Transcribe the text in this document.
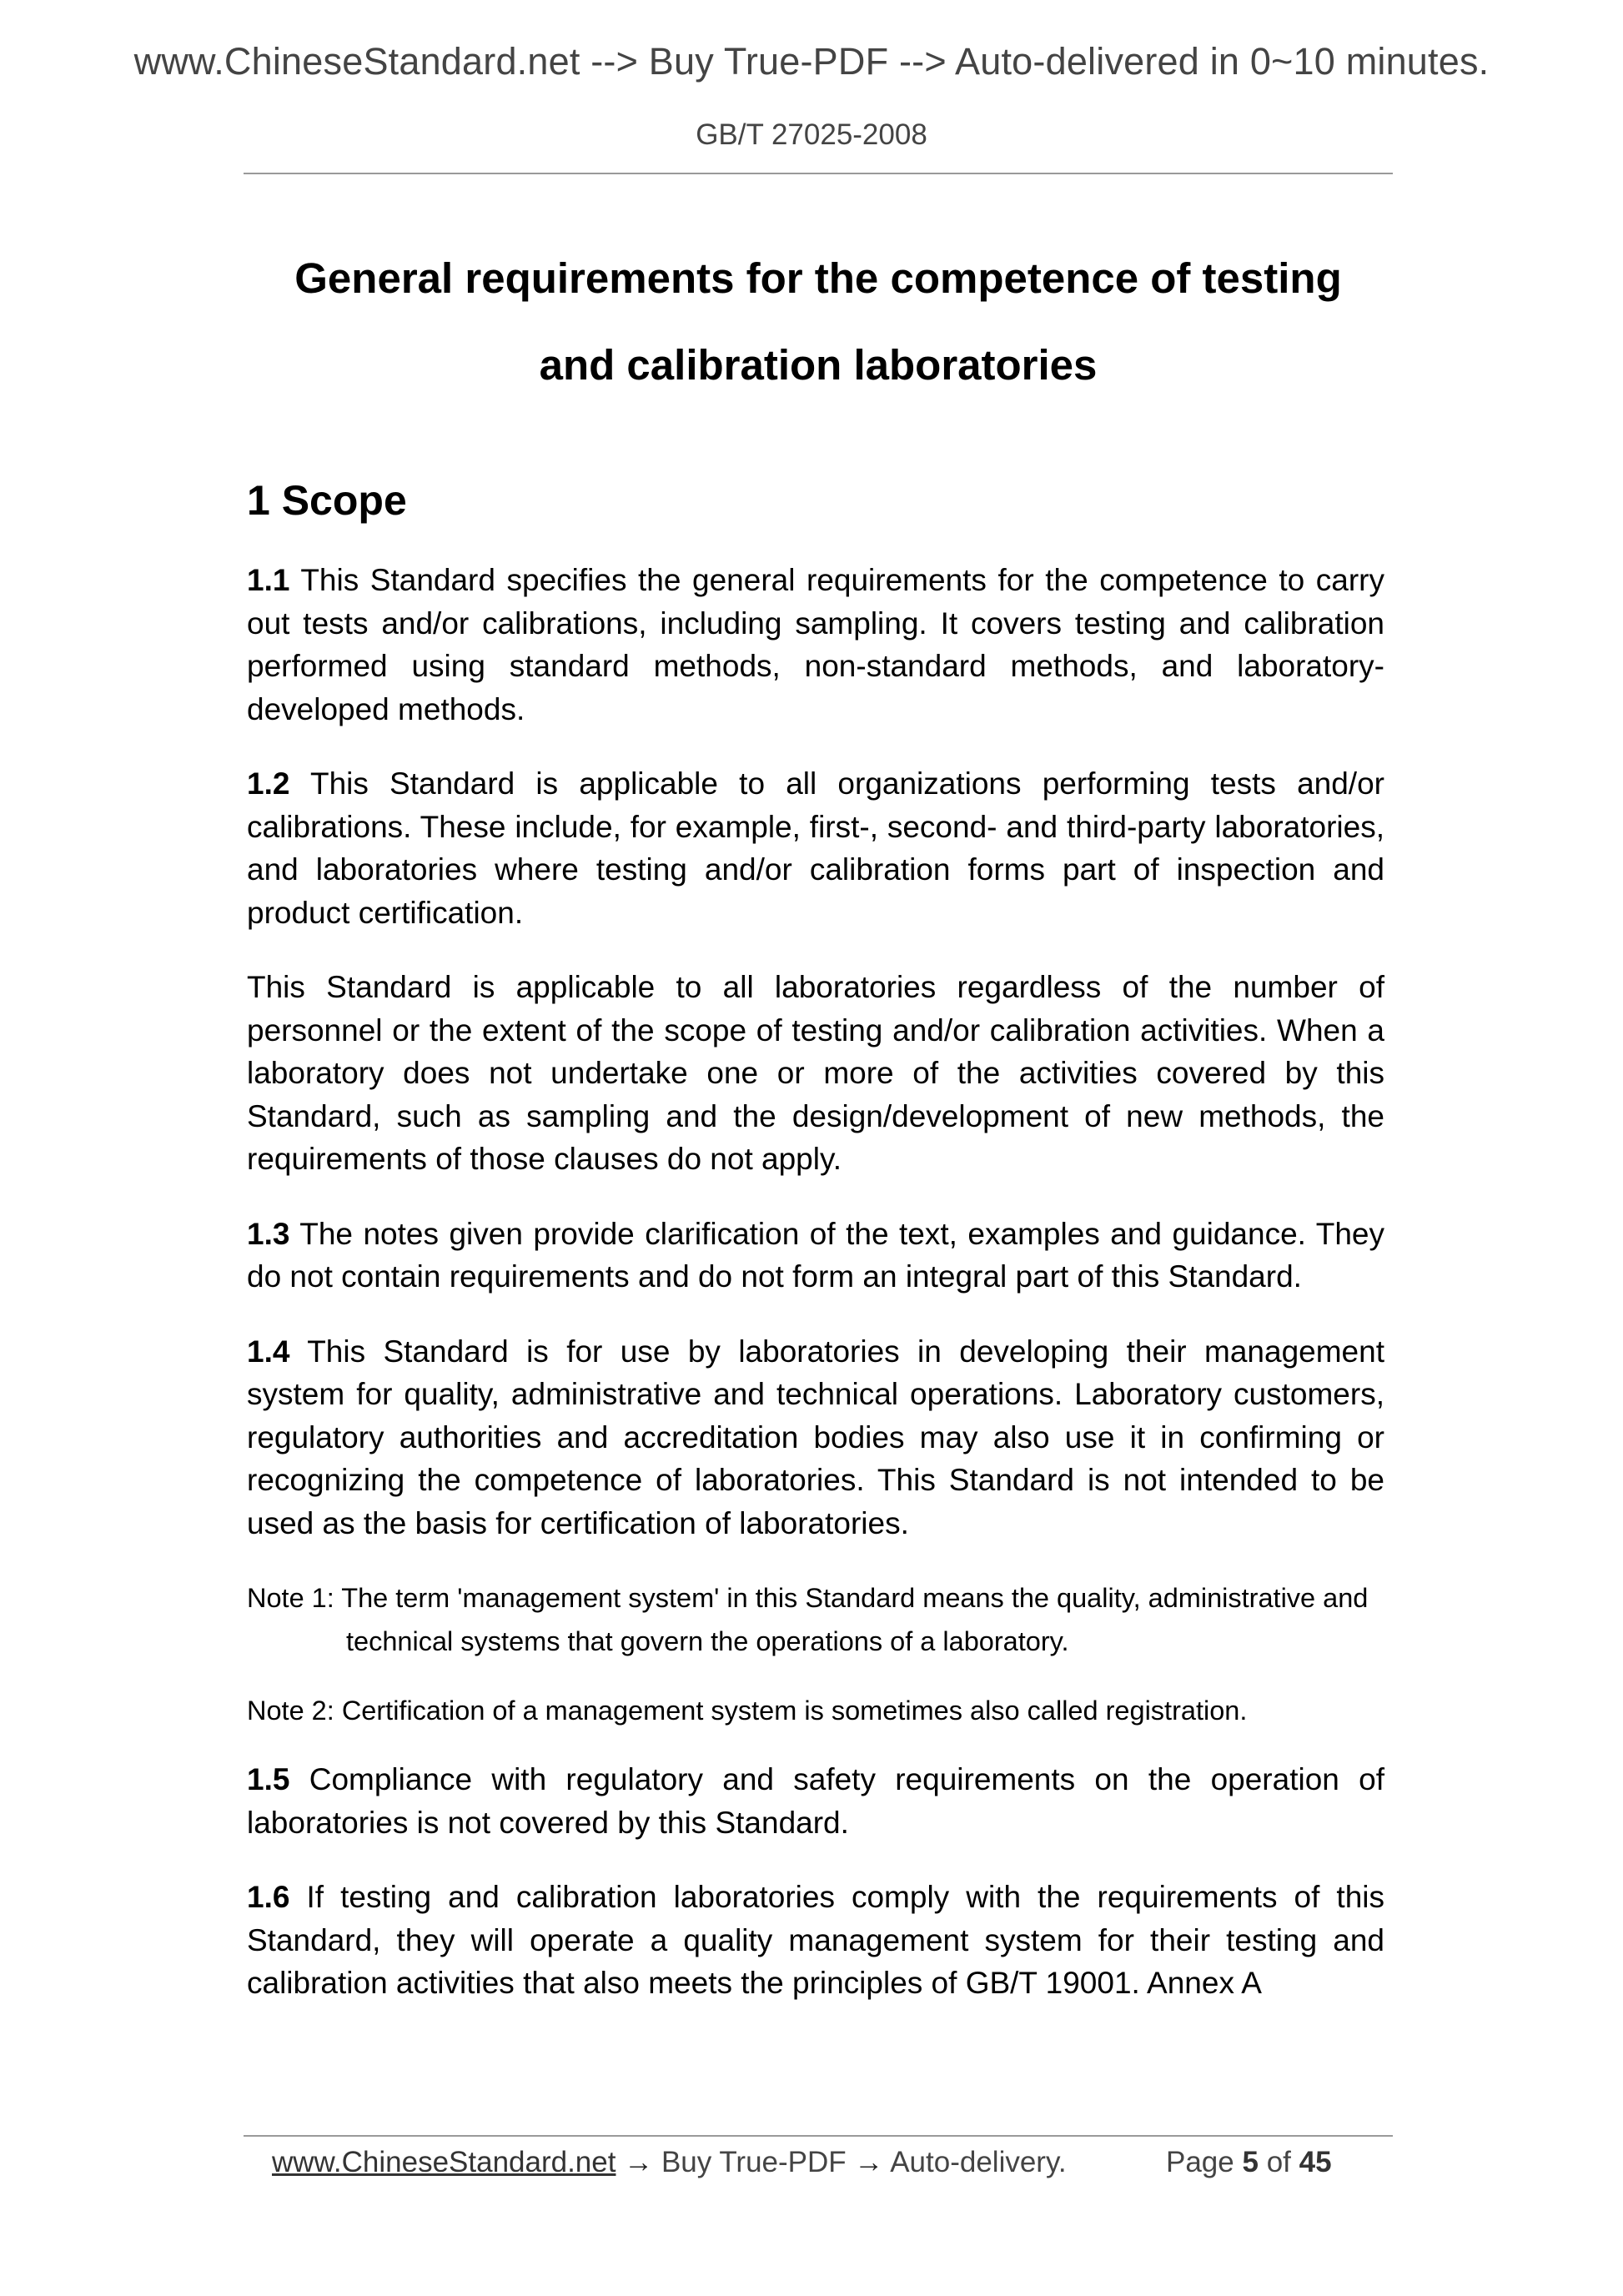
www.ChineseStandard.net --> Buy True-PDF --> Auto-delivered in 0~10 minutes.
GB/T 27025-2008
General requirements for the competence of testing
and calibration laboratories
1 Scope

1.1 This Standard specifies the general requirements for the competence to carry out tests and/or calibrations, including sampling. It covers testing and calibration performed using standard methods, non-standard methods, and laboratory-developed methods.

1.2 This Standard is applicable to all organizations performing tests and/or calibrations. These include, for example, first-, second- and third-party laboratories, and laboratories where testing and/or calibration forms part of inspection and product certification.

This Standard is applicable to all laboratories regardless of the number of personnel or the extent of the scope of testing and/or calibration activities. When a laboratory does not undertake one or more of the activities covered by this Standard, such as sampling and the design/development of new methods, the requirements of those clauses do not apply.

1.3 The notes given provide clarification of the text, examples and guidance. They do not contain requirements and do not form an integral part of this Standard.

1.4 This Standard is for use by laboratories in developing their management system for quality, administrative and technical operations. Laboratory customers, regulatory authorities and accreditation bodies may also use it in confirming or recognizing the competence of laboratories. This Standard is not intended to be used as the basis for certification of laboratories.

Note 1: The term 'management system' in this Standard means the quality, administrative and technical systems that govern the operations of a laboratory.
Note 2: Certification of a management system is sometimes also called registration.

1.5 Compliance with regulatory and safety requirements on the operation of laboratories is not covered by this Standard.

1.6 If testing and calibration laboratories comply with the requirements of this Standard, they will operate a quality management system for their testing and calibration activities that also meets the principles of GB/T 19001. Annex A

www.ChineseStandard.net → Buy True-PDF → Auto-delivery.	Page 5 of 45
